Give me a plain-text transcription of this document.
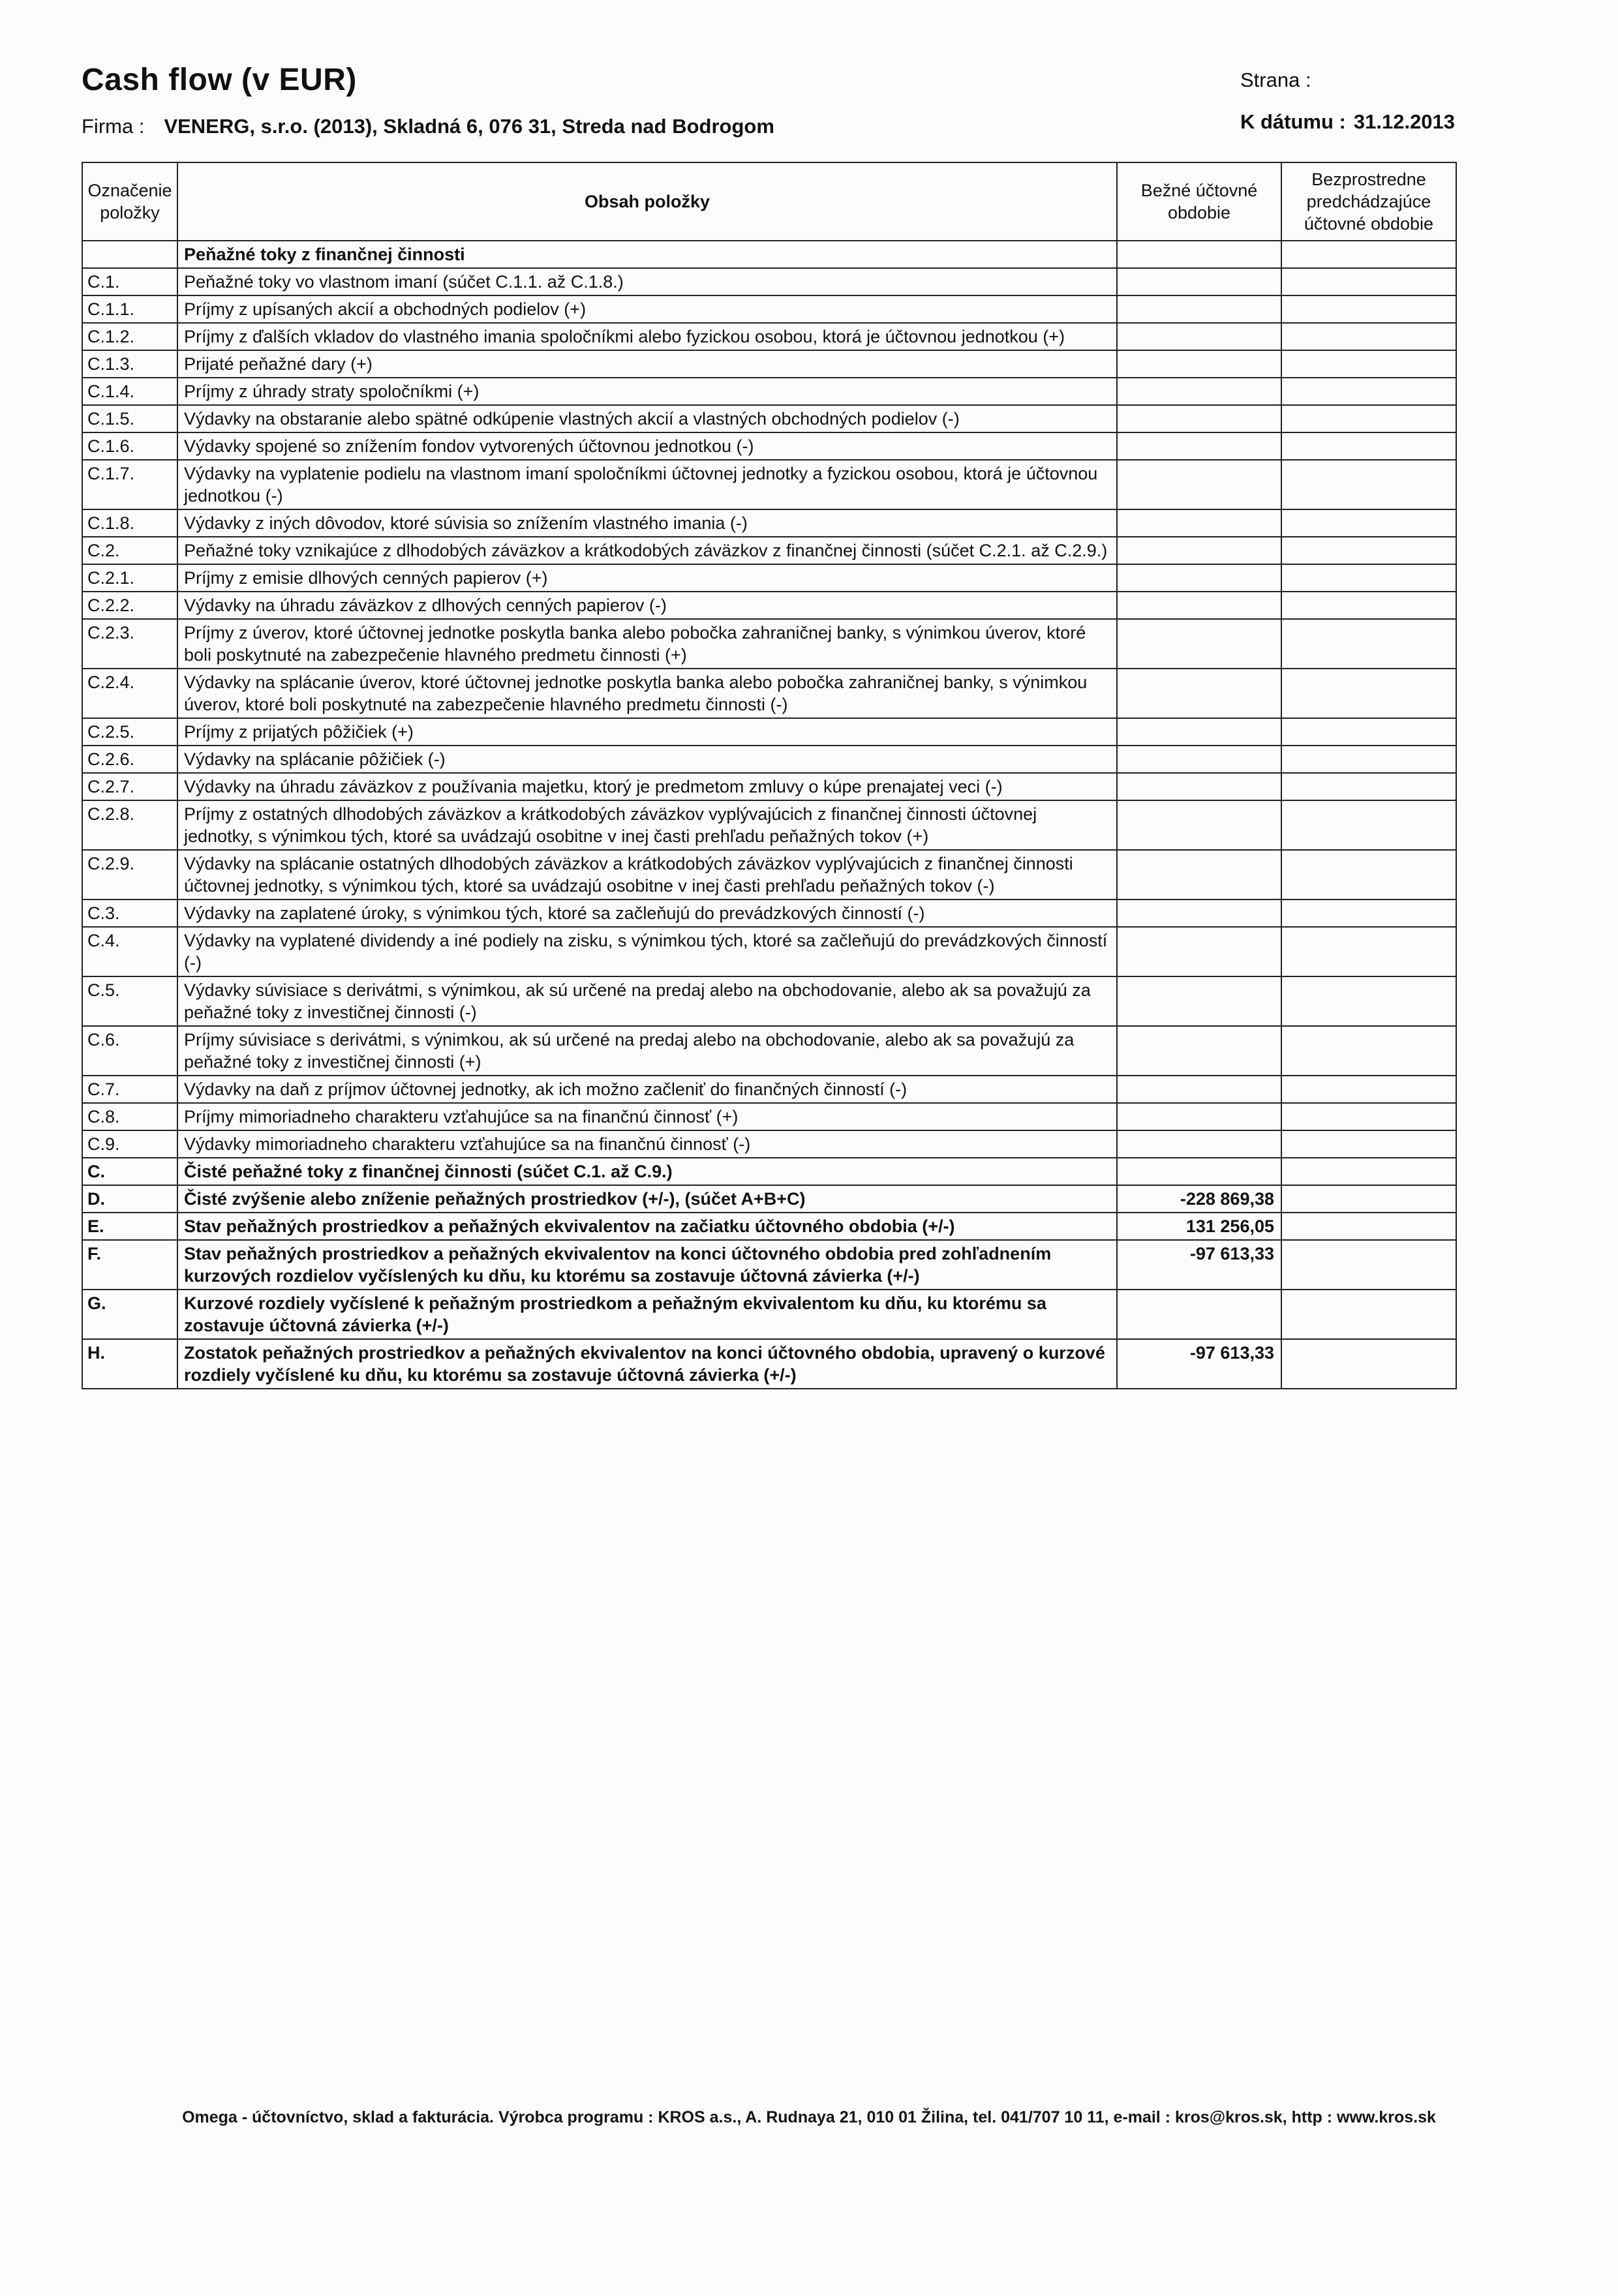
Cash flow (v EUR)
Firma : VENERG, s.r.o. (2013), Skladná 6, 076 31, Streda nad Bodrogom
Strana :
K dátumu : 31.12.2013
Označenie položky	Obsah položky	Bežné účtovné obdobie	Bezprostredne predchádzajúce účtovné obdobie
	Peňažné toky z finančnej činnosti		
C.1.	Peňažné toky vo vlastnom imaní (súčet C.1.1. až C.1.8.)		
C.1.1.	Príjmy z upísaných akcií a obchodných podielov (+)		
C.1.2.	Príjmy z ďalších vkladov do vlastného imania spoločníkmi alebo fyzickou osobou, ktorá je účtovnou jednotkou (+)		
C.1.3.	Prijaté peňažné dary (+)		
C.1.4.	Príjmy z úhrady straty spoločníkmi (+)		
C.1.5.	Výdavky na obstaranie alebo spätné odkúpenie vlastných akcií a vlastných obchodných podielov (-)		
C.1.6.	Výdavky spojené so znížením fondov vytvorených účtovnou jednotkou (-)		
C.1.7.	Výdavky na vyplatenie podielu na vlastnom imaní spoločníkmi účtovnej jednotky a fyzickou osobou, ktorá je účtovnou jednotkou (-)		
C.1.8.	Výdavky z iných dôvodov, ktoré súvisia so znížením vlastného imania (-)		
C.2.	Peňažné toky vznikajúce z dlhodobých záväzkov a krátkodobých záväzkov z finančnej činnosti (súčet C.2.1. až C.2.9.)		
C.2.1.	Príjmy z emisie dlhových cenných papierov (+)		
C.2.2.	Výdavky na úhradu záväzkov z dlhových cenných papierov (-)		
C.2.3.	Príjmy z úverov, ktoré účtovnej jednotke poskytla banka alebo pobočka zahraničnej banky, s výnimkou úverov, ktoré boli poskytnuté na zabezpečenie hlavného predmetu činnosti (+)		
C.2.4.	Výdavky na splácanie úverov, ktoré účtovnej jednotke poskytla banka alebo pobočka zahraničnej banky, s výnimkou úverov, ktoré boli poskytnuté na zabezpečenie hlavného predmetu činnosti (-)		
C.2.5.	Príjmy z prijatých pôžičiek (+)		
C.2.6.	Výdavky na splácanie pôžičiek (-)		
C.2.7.	Výdavky na úhradu záväzkov z používania majetku, ktorý je predmetom zmluvy o kúpe prenajatej veci (-)		
C.2.8.	Príjmy z ostatných dlhodobých záväzkov a krátkodobých záväzkov vyplývajúcich z finančnej činnosti účtovnej jednotky, s výnimkou tých, ktoré sa uvádzajú osobitne v inej časti prehľadu peňažných tokov (+)		
C.2.9.	Výdavky na splácanie ostatných dlhodobých záväzkov a krátkodobých záväzkov vyplývajúcich z finančnej činnosti účtovnej jednotky, s výnimkou tých, ktoré sa uvádzajú osobitne v inej časti prehľadu peňažných tokov (-)		
C.3.	Výdavky na zaplatené úroky, s výnimkou tých, ktoré sa začleňujú do prevádzkových činností (-)		
C.4.	Výdavky na vyplatené dividendy a iné podiely na zisku, s výnimkou tých, ktoré sa začleňujú do prevádzkových činností (-)		
C.5.	Výdavky súvisiace s derivátmi, s výnimkou, ak sú určené na predaj alebo na obchodovanie, alebo ak sa považujú za peňažné toky z investičnej činnosti (-)		
C.6.	Príjmy súvisiace s derivátmi, s výnimkou, ak sú určené na predaj alebo na obchodovanie, alebo ak sa považujú za peňažné toky z investičnej činnosti (+)		
C.7.	Výdavky na daň z príjmov účtovnej jednotky, ak ich možno začleniť do finančných činností (-)		
C.8.	Príjmy mimoriadneho charakteru vzťahujúce sa na finančnú činnosť (+)		
C.9.	Výdavky mimoriadneho charakteru vzťahujúce sa na finančnú činnosť (-)		
C.	Čisté peňažné toky z finančnej činnosti (súčet C.1. až C.9.)		
D.	Čisté zvýšenie alebo zníženie peňažných prostriedkov (+/-), (súčet A+B+C)	-228 869,38	
E.	Stav peňažných prostriedkov a peňažných ekvivalentov na začiatku účtovného obdobia (+/-)	131 256,05	
F.	Stav peňažných prostriedkov a peňažných ekvivalentov na konci účtovného obdobia pred zohľadnením kurzových rozdielov vyčíslených ku dňu, ku ktorému sa zostavuje účtovná závierka (+/-)	-97 613,33	
G.	Kurzové rozdiely vyčíslené k peňažným prostriedkom a peňažným ekvivalentom ku dňu, ku ktorému sa zostavuje účtovná závierka (+/-)		
H.	Zostatok peňažných prostriedkov a peňažných ekvivalentov na konci účtovného obdobia, upravený o kurzové rozdiely vyčíslené ku dňu, ku ktorému sa zostavuje účtovná závierka (+/-)	-97 613,33	
Omega - účtovníctvo, sklad a fakturácia. Výrobca programu : KROS a.s., A. Rudnaya 21, 010 01 Žilina, tel. 041/707 10 11, e-mail : kros@kros.sk, http : www.kros.sk
